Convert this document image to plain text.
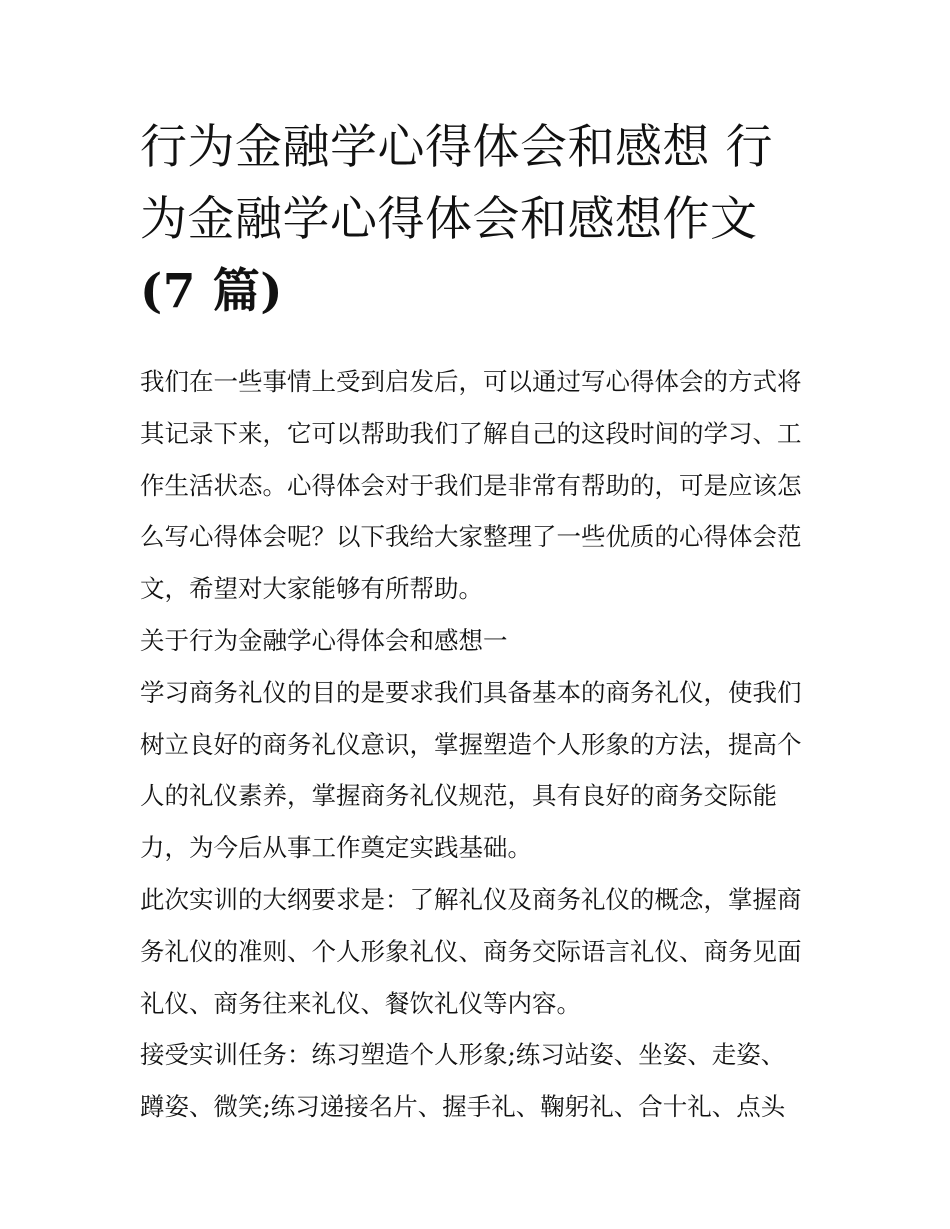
行为金融学心得体会和感想 行
为金融学心得体会和感想作文
(7 篇)
我们在一些事情上受到启发后，可以通过写心得体会的方式将
其记录下来，它可以帮助我们了解自己的这段时间的学习、工
作生活状态。心得体会对于我们是非常有帮助的，可是应该怎
么写心得体会呢？以下我给大家整理了一些优质的心得体会范
文，希望对大家能够有所帮助。
关于行为金融学心得体会和感想一
学习商务礼仪的目的是要求我们具备基本的商务礼仪，使我们
树立良好的商务礼仪意识，掌握塑造个人形象的方法，提高个
人的礼仪素养，掌握商务礼仪规范，具有良好的商务交际能
力，为今后从事工作奠定实践基础。
此次实训的大纲要求是：了解礼仪及商务礼仪的概念，掌握商
务礼仪的准则、个人形象礼仪、商务交际语言礼仪、商务见面
礼仪、商务往来礼仪、餐饮礼仪等内容。
接受实训任务：练习塑造个人形象;练习站姿、坐姿、走姿、
蹲姿、微笑;练习递接名片、握手礼、鞠躬礼、合十礼、点头
